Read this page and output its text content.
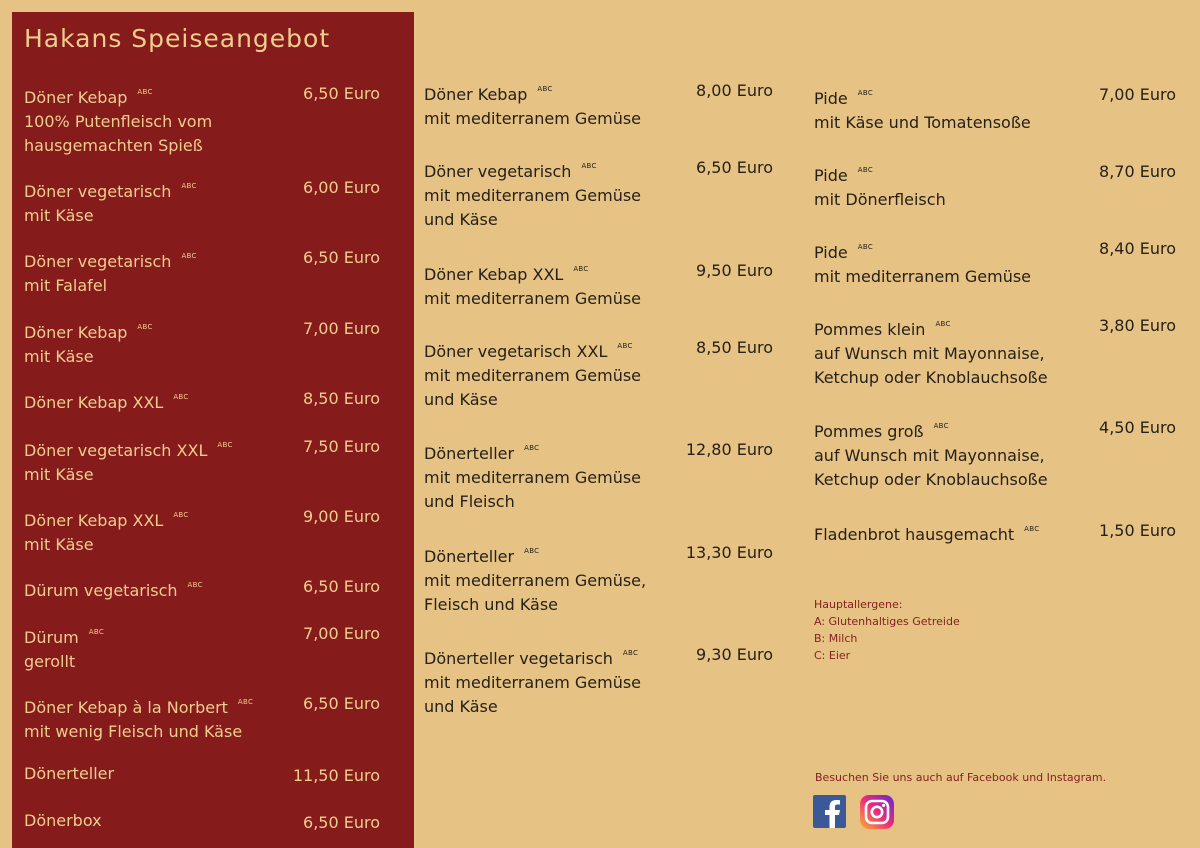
Hakans Speiseangebot
Döner Kebap $^{ABC}$
100% Putenfleisch vom
hausgemachten Spieß
6,50 Euro
Döner vegetarisch $^{ABC}$
mit Käse
6,00 Euro
Döner vegetarisch $^{ABC}$
mit Falafel
6,50 Euro
Döner Kebap $^{ABC}$
mit Käse
7,00 Euro
Döner Kebap XXL $^{ABC}$	8,50 Euro
Döner vegetarisch XXL $^{ABC}$
mit Käse
7,50 Euro
Döner Kebap XXL $^{ABC}$
mit Käse
9,00 Euro
Dürum vegetarisch $^{ABC}$	6,50 Euro
Dürum $^{ABC}$
gerollt
7,00 Euro
Döner Kebap à la Norbert $^{ABC}$
mit wenig Fleisch und Käse
6,50 Euro
Dönerteller	11,50 Euro
Dönerbox	6,50 Euro
Döner Kebap $^{ABC}$
mit mediterranem Gemüse
8,00 Euro
Döner vegetarisch $^{ABC}$
mit mediterranem Gemüse
und Käse
6,50 Euro
Döner Kebap XXL $^{ABC}$
mit mediterranem Gemüse
9,50 Euro
Döner vegetarisch XXL $^{ABC}$
mit mediterranem Gemüse
und Käse
8,50 Euro
Dönerteller $^{ABC}$
mit mediterranem Gemüse
und Fleisch
12,80 Euro
Dönerteller $^{ABC}$
mit mediterranem Gemüse,
Fleisch und Käse
13,30 Euro
Dönerteller vegetarisch $^{ABC}$
mit mediterranem Gemüse
und Käse
9,30 Euro
Pide $^{ABC}$
mit Käse und Tomatensoße
7,00 Euro
Pide $^{ABC}$
mit Dönerfleisch
8,70 Euro
Pide $^{ABC}$
mit mediterranem Gemüse
8,40 Euro
Pommes klein $^{ABC}$
auf Wunsch mit Mayonnaise,
Ketchup oder Knoblauchsoße
3,80 Euro
Pommes groß $^{ABC}$
auf Wunsch mit Mayonnaise,
Ketchup oder Knoblauchsoße
4,50 Euro
Fladenbrot hausgemacht $^{ABC}$	1,50 Euro
Hauptallergene:
A: Glutenhaltiges Getreide
B: Milch
C: Eier
Besuchen Sie uns auch auf Facebook und Instagram.
